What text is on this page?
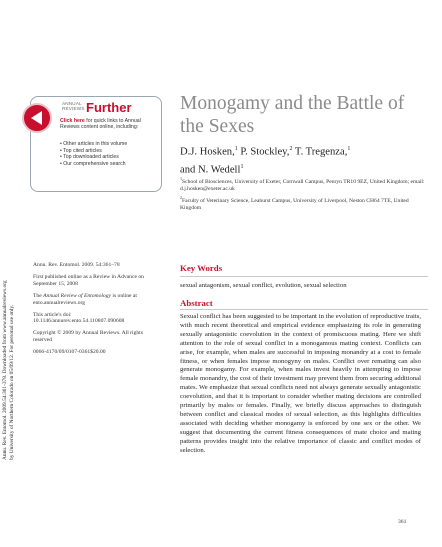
Annu. Rev. Entomol. 2009.54:361-378. Downloaded from www.annualreviews.org by University of Northern Colorado on 05/09/12. For personal use only.
ANNUAL
REVIEWS Further
Click here for quick links to Annual Reviews content online, including:
• Other articles in this volume
• Top cited articles
• Top downloaded articles
• Our comprehensive search
Monogamy and the Battle of the Sexes
D.J. Hosken,$^1$ P. Stockley,$^2$ T. Tregenza,$^1$
and N. Wedell$^1$
$^1$School of Biosciences, University of Exeter, Cornwall Campus, Penryn TR10 9EZ, United Kingdom; email: d.j.hosken@exeter.ac.uk
$^2$Faculty of Veterinary Science, Leahurst Campus, University of Liverpool, Neston CH64 7TE, United Kingdom

Annu. Rev. Entomol. 2009. 54:361–78

First published online as a Review in Advance on September 15, 2008

The Annual Review of Entomology is online at ento.annualreviews.org

This article's doi: 10.1146/annurev.ento.54.110807.090608

Copyright © 2009 by Annual Reviews. All rights reserved

0066-4170/09/0107-0361$20.00

Key Words
sexual antagonism, sexual conflict, evolution, sexual selection
Abstract

Sexual conflict has been suggested to be important in the evolution of reproductive traits, with much recent theoretical and empirical evidence emphasizing its role in generating sexually antagonistic coevolution in the context of promiscuous mating. Here we shift attention to the role of sexual conflict in a monogamous mating context. Conflicts can arise, for example, when males are successful in imposing monandry at a cost to female fitness, or when females impose monogyny on males. Conflict over remating can also generate monogamy. For example, when males invest heavily in attempting to impose female monandry, the cost of their investment may prevent them from securing additional mates. We emphasize that sexual conflicts need not always generate sexually antagonistic coevolution, and that it is important to consider whether mating decisions are controlled primarily by males or females. Finally, we briefly discuss approaches to distinguish between conflict and classical modes of sexual selection, as this highlights difficulties associated with deciding whether monogamy is enforced by one sex or the other. We suggest that documenting the current fitness consequences of mate choice and mating patterns provides insight into the relative importance of classic and conflict modes of selection.

361
